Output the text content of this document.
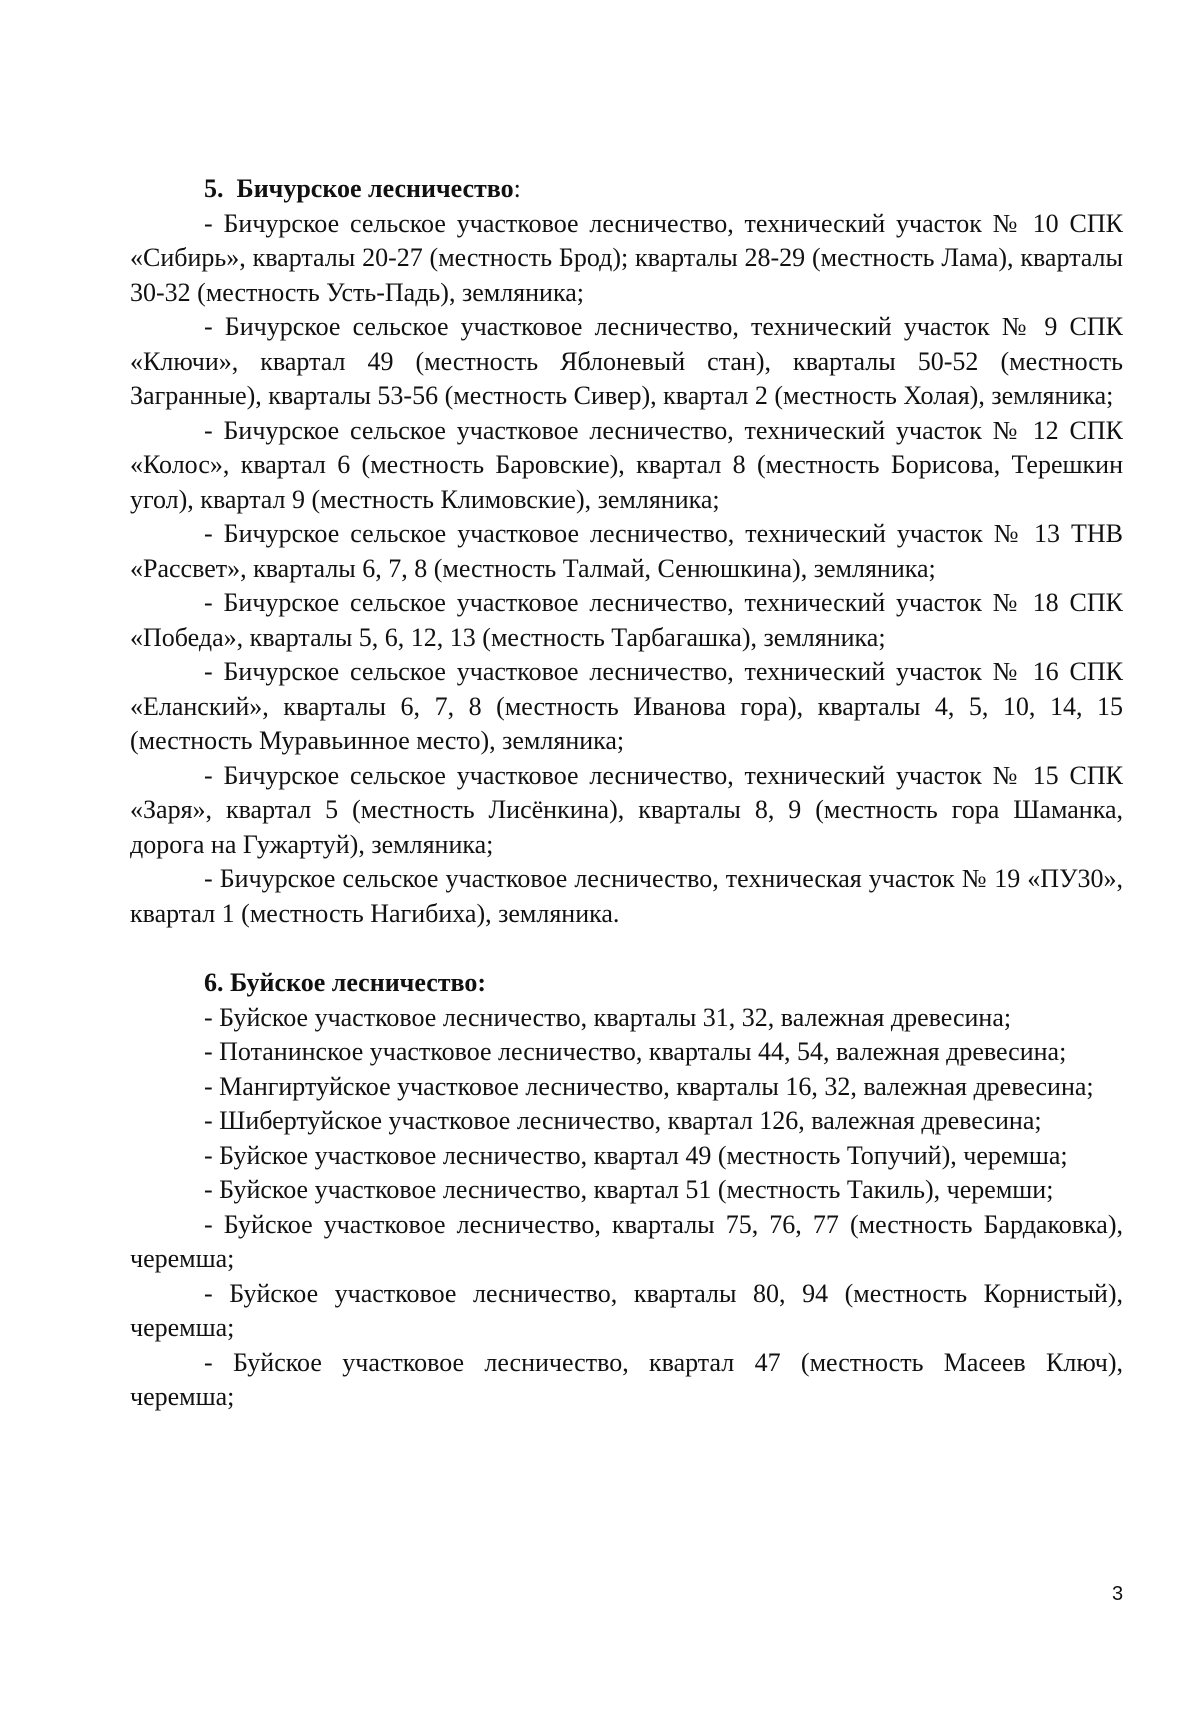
5. Бичурское лесничество:

- Бичурское сельское участковое лесничество, технический участок № 10 СПК «Сибирь», кварталы 20-27 (местность Брод); кварталы 28-29 (местность Лама), кварталы 30-32 (местность Усть-Падь), земляника;

- Бичурское сельское участковое лесничество, технический участок № 9 СПК «Ключи», квартал 49 (местность Яблоневый стан), кварталы 50-52 (местность Загранные), кварталы 53-56 (местность Сивер), квартал 2 (местность Холая), земляника;

- Бичурское сельское участковое лесничество, технический участок № 12 СПК «Колос», квартал 6 (местность Баровские), квартал 8 (местность Борисова, Терешкин угол), квартал 9 (местность Климовские), земляника;

- Бичурское сельское участковое лесничество, технический участок № 13 ТНВ «Рассвет», кварталы 6, 7, 8 (местность Талмай, Сенюшкина), земляника;

- Бичурское сельское участковое лесничество, технический участок № 18 СПК «Победа», кварталы 5, 6, 12, 13 (местность Тарбагашка), земляника;

- Бичурское сельское участковое лесничество, технический участок № 16 СПК «Еланский», кварталы 6, 7, 8 (местность Иванова гора), кварталы 4, 5, 10, 14, 15 (местность Муравьинное место), земляника;

- Бичурское сельское участковое лесничество, технический участок № 15 СПК «Заря», квартал 5 (местность Лисёнкина), кварталы 8, 9 (местность гора Шаманка, дорога на Гужартуй), земляника;

- Бичурское сельское участковое лесничество, техническая участок № 19 «ПУ30», квартал 1 (местность Нагибиха), земляника.

6. Буйское лесничество:

- Буйское участковое лесничество, кварталы 31, 32, валежная древесина;

- Потанинское участковое лесничество, кварталы 44, 54, валежная древесина;

- Мангиртуйское участковое лесничество, кварталы 16, 32, валежная древесина;

- Шибертуйское участковое лесничество, квартал 126, валежная древесина;

- Буйское участковое лесничество, квартал 49 (местность Топучий), черемша;

- Буйское участковое лесничество, квартал 51 (местность Такиль), черемши;

- Буйское участковое лесничество, кварталы 75, 76, 77 (местность Бардаковка), черемша;

- Буйское участковое лесничество, кварталы 80, 94 (местность Корнистый), черемша;

- Буйское участковое лесничество, квартал 47 (местность Масеев Ключ), черемша;

3
